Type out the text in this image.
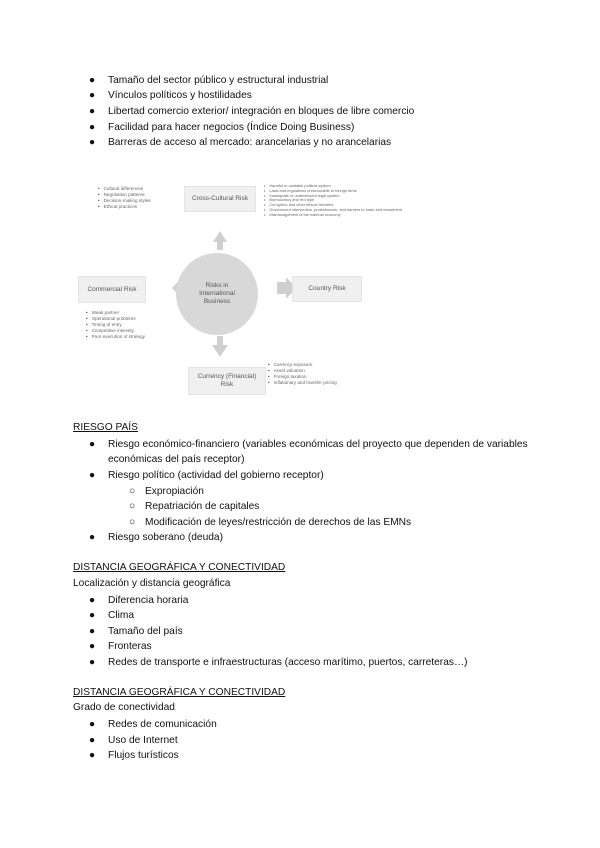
● Tamaño del sector público y estructural industrial
● Vínculos políticos y hostilidades
● Libertad comercio exterior/ integración en bloques de libre comercio
● Facilidad para hacer negocios (Índice Doing Business)
● Barreras de acceso al mercado: arancelarias y no arancelarias
Cross-Cultural Risk
Country Risk
Commercial Risk
Currency (Financial)
Risk
Risks in
International
Business
• Cultural differences
• Negotiation patterns
• Decision-making styles
• Ethical practices
• Harmful or unstable political system
• Laws and regulations unfavourable to foreign firms
• Inadequate or undeveloped legal system
• Bureaucracy and red tape
• Corruption and other ethical blunders
• Government intervention, protectionism, and barriers to trade and investment
• Mismanagement of the national economy
• Weak partner
• Operational problems
• Timing of entry
• Competitive intensity
• Poor execution of strategy
• Currency exposure
• Asset valuation
• Foreign taxation
• Inflationary and transfer pricing
RIESGO PAÍS
● Riesgo económico-financiero (variables económicas del proyecto que dependen de variables
económicas del país receptor)
● Riesgo político (actividad del gobierno receptor)
○ Expropiación
○ Repatriación de capitales
○ Modificación de leyes/restricción de derechos de las EMNs
● Riesgo soberano (deuda)
DISTANCIA GEOGRÁFICA Y CONECTIVIDAD
Localización y distancia geográfica
● Diferencia horaria
● Clima
● Tamaño del país
● Fronteras
● Redes de transporte e infraestructuras (acceso marítimo, puertos, carreteras…)
DISTANCIA GEOGRÁFICA Y CONECTIVIDAD
Grado de conectividad
● Redes de comunicación
● Uso de Internet
● Flujos turísticos
